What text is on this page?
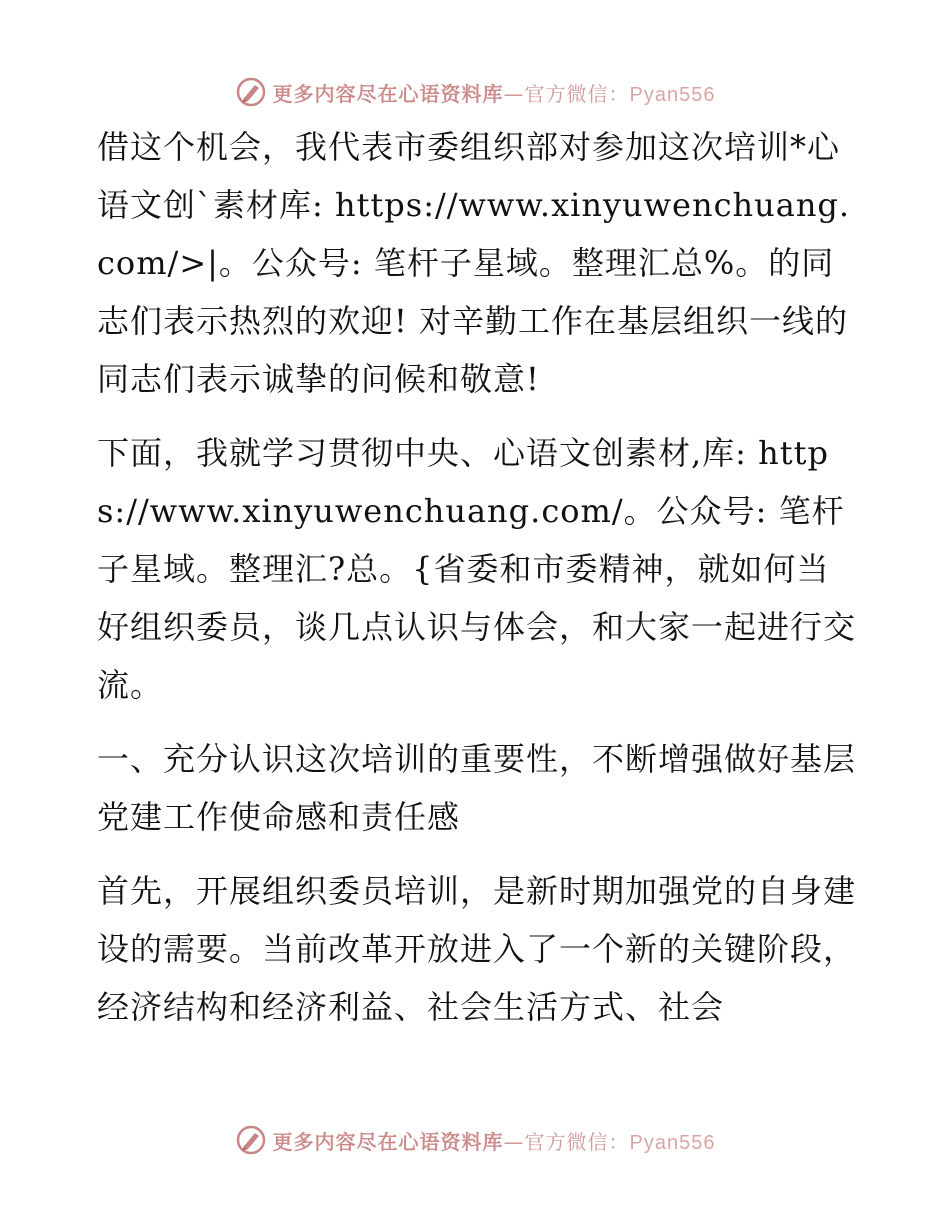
更多内容尽在心语资料库 —官方微信：Pyan556

借这个机会，我代表市委组织部对参加这次培训*心语文创`素材库: https://www.xinyuwenchuang.com/>|。公众号: 笔杆子星域。整理汇总%。的同志们表示热烈的欢迎! 对辛勤工作在基层组织一线的同志们表示诚挚的问候和敬意!

下面，我就学习贯彻中央、心语文创素材,库: https://www.xinyuwenchuang.com/。公众号: 笔杆子星域。整理汇?总。{省委和市委精神，就如何当好组织委员，谈几点认识与体会，和大家一起进行交流。

一、充分认识这次培训的重要性，不断增强做好基层党建工作使命感和责任感

首先，开展组织委员培训，是新时期加强党的自身建设的需要。当前改革开放进入了一个新的关键阶段，经济结构和经济利益、社会生活方式、社会

更多内容尽在心语资料库 —官方微信：Pyan556
